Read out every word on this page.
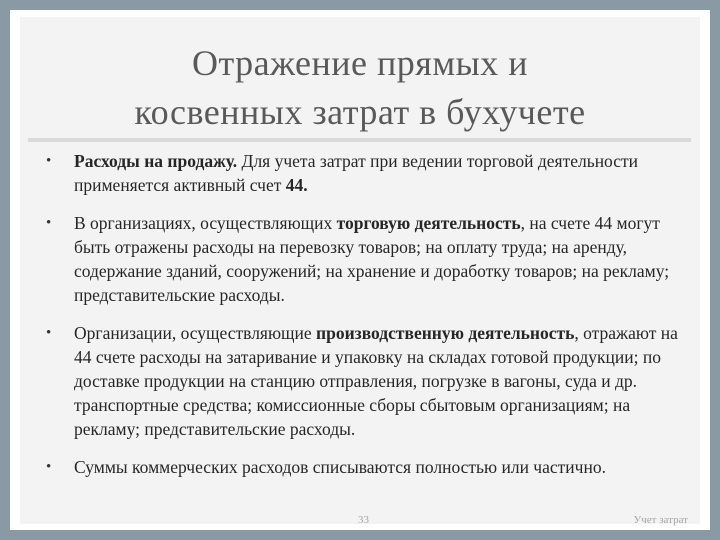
Отражение прямых и
косвенных затрат в бухучете
• Расходы на продажу. Для учета затрат при ведении торговой деятельности применяется активный счет 44.
• В организациях, осуществляющих торговую деятельность, на счете 44 могут быть отражены расходы на перевозку товаров; на оплату труда; на аренду, содержание зданий, сооружений; на хранение и доработку товаров; на рекламу; представительские расходы.
• Организации, осуществляющие производственную деятельность, отражают на 44 счете расходы на затаривание и упаковку на складах готовой продукции; по доставке продукции на станцию отправления, погрузке в вагоны, суда и др. транспортные средства; комиссионные сборы сбытовым организациям; на рекламу; представительские расходы.
• Суммы коммерческих расходов списываются полностью или частично.
33	Учет затрат
